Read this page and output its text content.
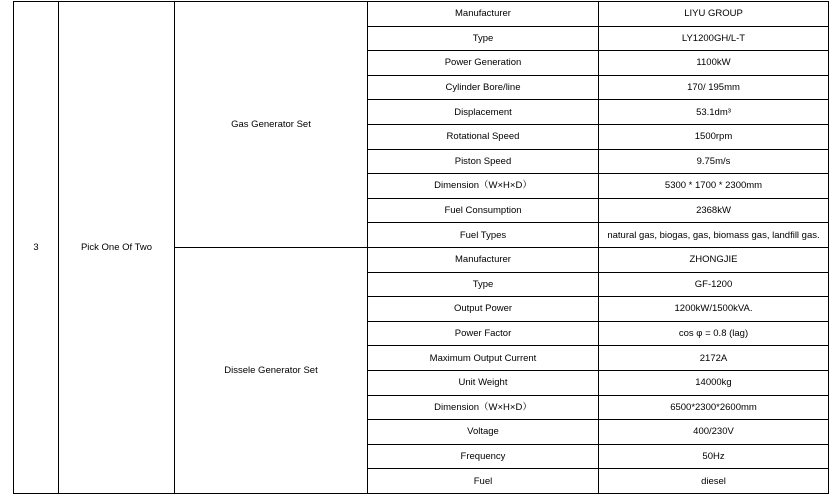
3	Pick One Of Two	Gas Generator Set	Manufacturer	LIYU GROUP
			Type	LY1200GH/L-T
			Power Generation	1100kW
			Cylinder Bore/line	170/ 195mm
			Displacement	53.1dm³
			Rotational Speed	1500rpm
			Piston Speed	9.75m/s
			Dimension（W×H×D）	5300 * 1700 * 2300mm
			Fuel Consumption	2368kW
			Fuel Types	natural gas, biogas, gas, biomass gas, landfill gas.
		Dissele Generator Set	Manufacturer	ZHONGJIE
			Type	GF-1200
			Output Power	1200kW/1500kVA.
			Power Factor	cos φ = 0.8 (lag)
			Maximum Output Current	2172A
			Unit Weight	14000kg
			Dimension（W×H×D）	6500*2300*2600mm
			Voltage	400/230V
			Frequency	50Hz
			Fuel	diesel
